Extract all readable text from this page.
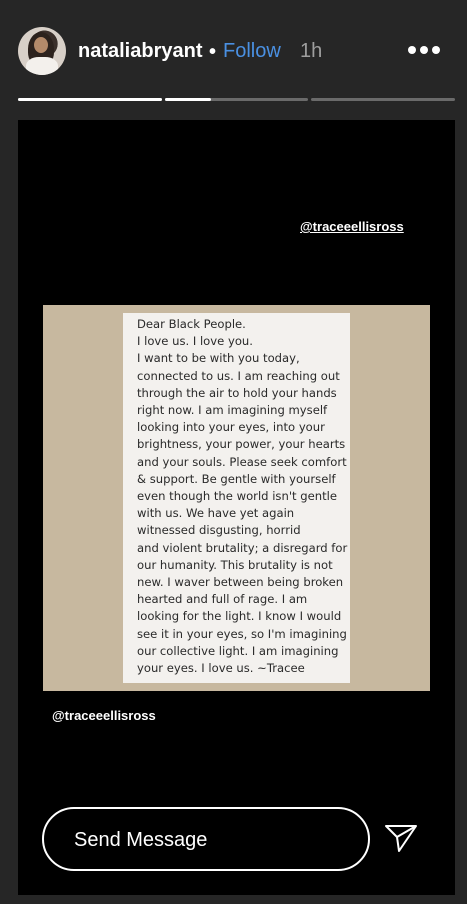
nataliabryant • Follow 1h
@traceeellisross
Dear Black People.
I love us. I love you.
I want to be with you today,
connected to us. I am reaching out
through the air to hold your hands
right now. I am imagining myself
looking into your eyes, into your
brightness, your power, your hearts
and your souls. Please seek comfort
& support. Be gentle with yourself
even though the world isn't gentle
with us. We have yet again
witnessed disgusting, horrid
and violent brutality; a disregard for
our humanity. This brutality is not
new. I waver between being broken
hearted and full of rage. I am
looking for the light. I know I would
see it in your eyes, so I'm imagining
our collective light. I am imagining
your eyes. I love us. ~Tracee
@traceeellisross
Send Message
